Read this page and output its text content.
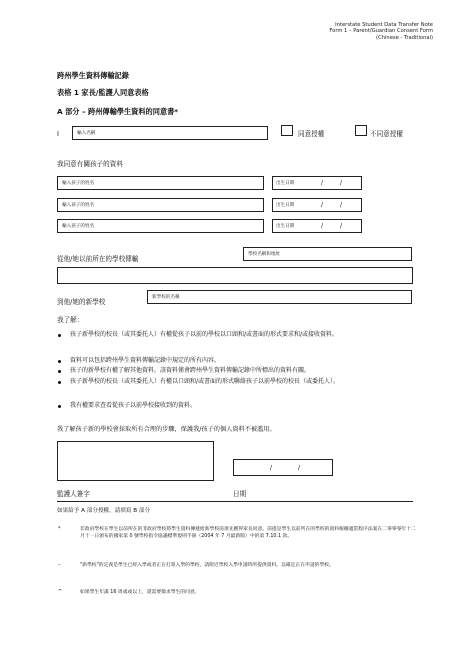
Interstate Student Data Transfer Note
Form 1 – Parent/Guardian Consent Form
(Chinese - Traditional)
跨州學生資料傳輸記錄
表格 1 家長/監護人同意表格
A 部分 – 跨州傳輸學生資料的同意書*
I	輸入名稱	同意授權	不同意授權
我同意有關孩子的資料
輸入孩子的姓名	出生日期	/	/
輸入孩子的姓名	出生日期	/	/
輸入孩子的姓名	出生日期	/	/
學校名稱和地址
從他/她以前所在的學校傳輸
到他/她的新學校
新學校的名稱
我了解：
孩子新學校的校長（或其委托人）有權從孩子以前的學校以口頭和/或書面的形式要求和/或接收資料。
資料可以包括跨州學生資料傳輸記錄中規定的所有內容。
孩子的新學校有權了解其他資料，該資料僅會跨州學生資料傳輸記錄中所標出的資料有關。
孩子新學校的校長（或其委托人）有權以口頭和/或書面的形式聯絡孩子以前學校的校長（或委托人）。
我有權要求查看從孩子以前學校接收到的資料。
我了解孩子新的學校會採取所有合理的步驟，保護我/孩子的個人資料不被濫用。
/	/
監護人簽字	日期
如果給予 A 部分授權，請填寫 B 部分
*	非政府學校在學生以前所在的非政府學校將學生資料傳遞給新學校前須先獲得家長同意。前提是學生以前所在的學校的資料根據適當程序法案在二零零零年十二月十一日頒布的國家第 0 號學校指令協議標準規則手冊（2004 年 7 月最新版）中的第 7.10.1 款。
–	"新學校"的定義是學生已經入學或者正在打算入學的學校，請附近學校入學申請時所提供資料。以確定正在申請的學校。
^	如果學生年滿 16 周歲或以上，還需要徵求學生的同意。
